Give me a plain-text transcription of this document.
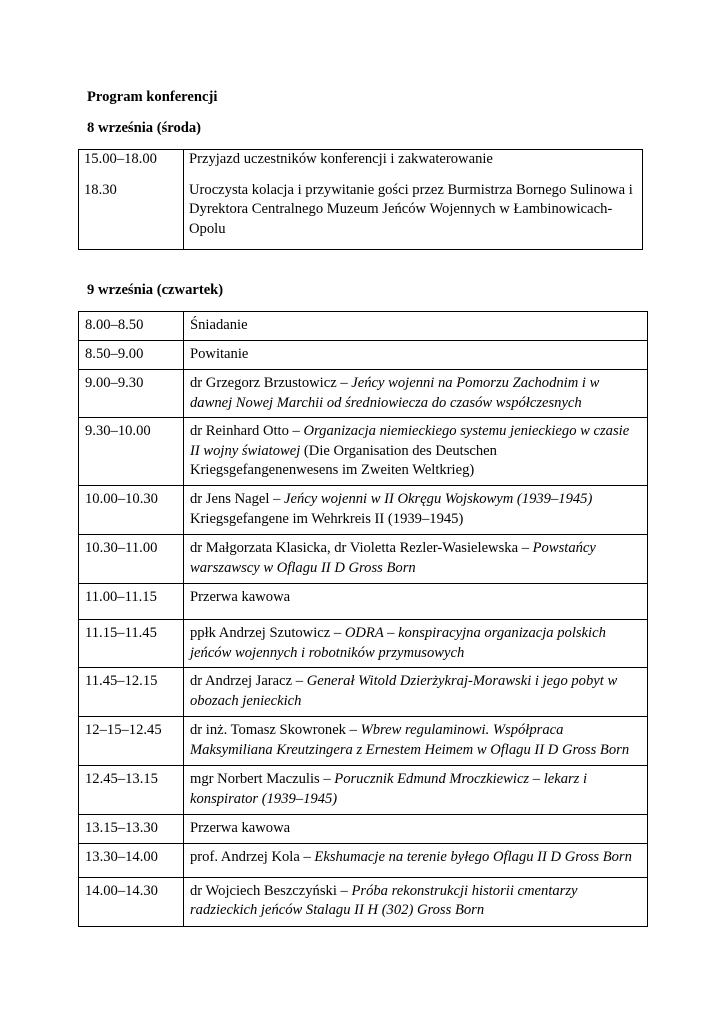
Program konferencji
8 września (środa)
15.00–18.00	Przyjazd uczestników konferencji i zakwaterowanie
18.30	Uroczysta kolacja i przywitanie gości przez Burmistrza Bornego Sulinowa i Dyrektora Centralnego Muzeum Jeńców Wojennych w Łambinowicach-Opolu
9 września (czwartek)
8.00–8.50	Śniadanie
8.50–9.00	Powitanie
9.00–9.30	dr Grzegorz Brzustowicz – Jeńcy wojenni na Pomorzu Zachodnim i w dawnej Nowej Marchii od średniowiecza do czasów współczesnych
9.30–10.00	dr Reinhard Otto – Organizacja niemieckiego systemu jenieckiego w czasie II wojny światowej (Die Organisation des Deutschen Kriegsgefangenenwesens im Zweiten Weltkrieg)
10.00–10.30	dr Jens Nagel – Jeńcy wojenni w II Okręgu Wojskowym (1939–1945) Kriegsgefangene im Wehrkreis II (1939–1945)
10.30–11.00	dr Małgorzata Klasicka, dr Violetta Rezler-Wasielewska – Powstańcy warszawscy w Oflagu II D Gross Born
11.00–11.15	Przerwa kawowa
11.15–11.45	ppłk Andrzej Szutowicz – ODRA – konspiracyjna organizacja polskich jeńców wojennych i robotników przymusowych
11.45–12.15	dr Andrzej Jaracz – Generał Witold Dzierżykraj-Morawski i jego pobyt w obozach jenieckich
12–15–12.45	dr inż. Tomasz Skowronek – Wbrew regulaminowi. Współpraca Maksymiliana Kreutzingera z Ernestem Heimem w Oflagu II D Gross Born
12.45–13.15	mgr Norbert Maczulis – Porucznik Edmund Mroczkiewicz – lekarz i konspirator (1939–1945)
13.15–13.30	Przerwa kawowa
13.30–14.00	prof. Andrzej Kola – Ekshumacje na terenie byłego Oflagu II D Gross Born
14.00–14.30	dr Wojciech Beszczyński – Próba rekonstrukcji historii cmentarzy radzieckich jeńców Stalagu II H (302) Gross Born
